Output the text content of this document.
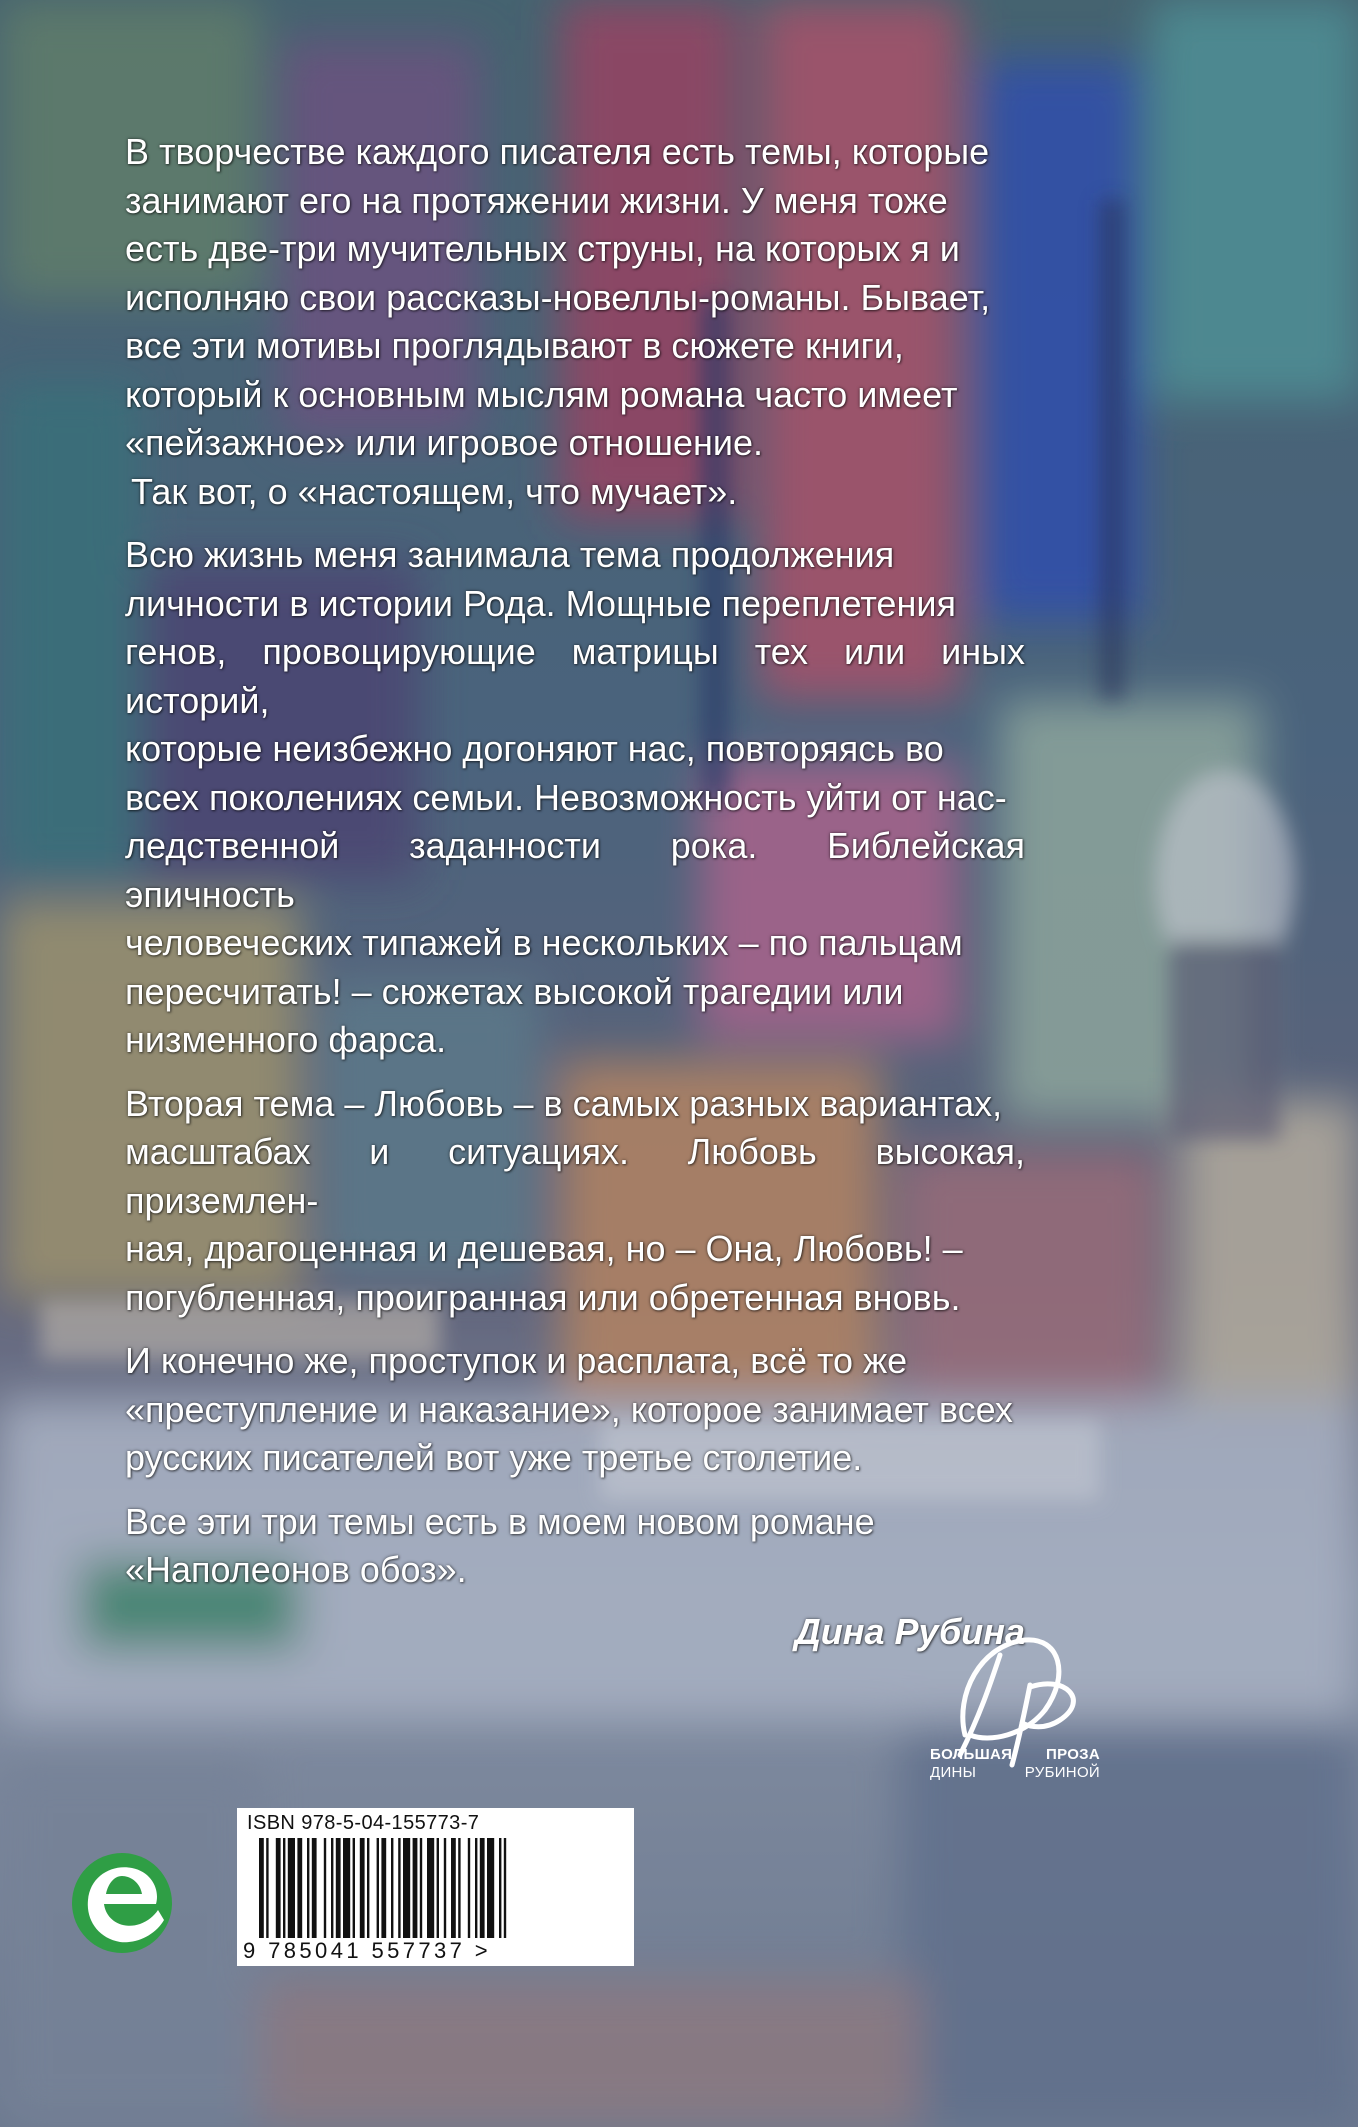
В творчестве каждого писателя есть темы, которые
занимают его на протяжении жизни. У меня тоже
есть две-три мучительных струны, на которых я и
исполняю свои рассказы-новеллы-романы. Бывает,
все эти мотивы проглядывают в сюжете книги,
который к основным мыслям романа часто имеет
«пейзажное» или игровое отношение.
Так вот, о «настоящем, что мучает».

Всю жизнь меня занимала тема продолжения
личности в истории Рода. Мощные переплетения
генов, провоцирующие матрицы тех или иных историй,
которые неизбежно догоняют нас, повторяясь во
всех поколениях семьи. Невозможность уйти от нас-
ледственной заданности рока. Библейская эпичность
человеческих типажей в нескольких – по пальцам
пересчитать! – сюжетах высокой трагедии или
низменного фарса.

Вторая тема – Любовь – в самых разных вариантах,
масштабах и ситуациях. Любовь высокая, приземлен-
ная, драгоценная и дешевая, но – Она, Любовь! –
погубленная, проигранная или обретенная вновь.

И конечно же, проступок и расплата, всё то же
«преступление и наказание», которое занимает всех
русских писателей вот уже третье столетие.

Все эти три темы есть в моем новом романе
«Наполеонов обоз».

Дина Рубина
БОЛЬШАЯ ПРОЗА
ДИНЫ	РУБИНОЙ
ISBN 978-5-04-155773-7
9 785041 557737 >
